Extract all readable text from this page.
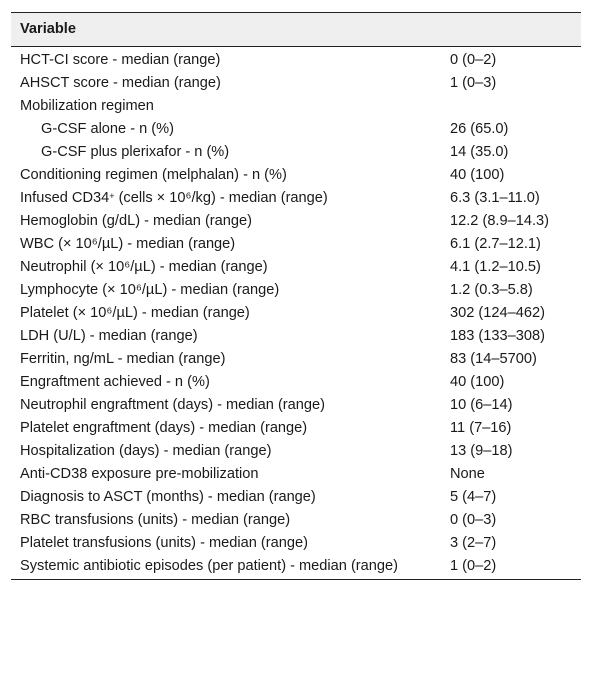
Variable	
HCT-CI score - median (range)	0 (0–2)
AHSCT score - median (range)	1 (0–3)
Mobilization regimen	
G-CSF alone - n (%)	26 (65.0)
G-CSF plus plerixafor - n (%)	14 (35.0)
Conditioning regimen (melphalan) - n (%)	40 (100)
Infused CD34+ (cells × 10⁶/kg) - median (range)	6.3 (3.1–11.0)
Hemoglobin (g/dL) - median (range)	12.2 (8.9–14.3)
WBC (× 10⁶/µL) - median (range)	6.1 (2.7–12.1)
Neutrophil (× 10⁶/µL) - median (range)	4.1 (1.2–10.5)
Lymphocyte (× 10⁶/µL) - median (range)	1.2 (0.3–5.8)
Platelet (× 10⁶/µL) - median (range)	302 (124–462)
LDH (U/L) - median (range)	183 (133–308)
Ferritin, ng/mL - median (range)	83 (14–5700)
Engraftment achieved - n (%)	40 (100)
Neutrophil engraftment (days) - median (range)	10 (6–14)
Platelet engraftment (days) - median (range)	11 (7–16)
Hospitalization (days) - median (range)	13 (9–18)
Anti-CD38 exposure pre-mobilization	None
Diagnosis to ASCT (months) - median (range)	5 (4–7)
RBC transfusions (units) - median (range)	0 (0–3)
Platelet transfusions (units) - median (range)	3 (2–7)
Systemic antibiotic episodes (per patient) - median (range)	1 (0–2)
